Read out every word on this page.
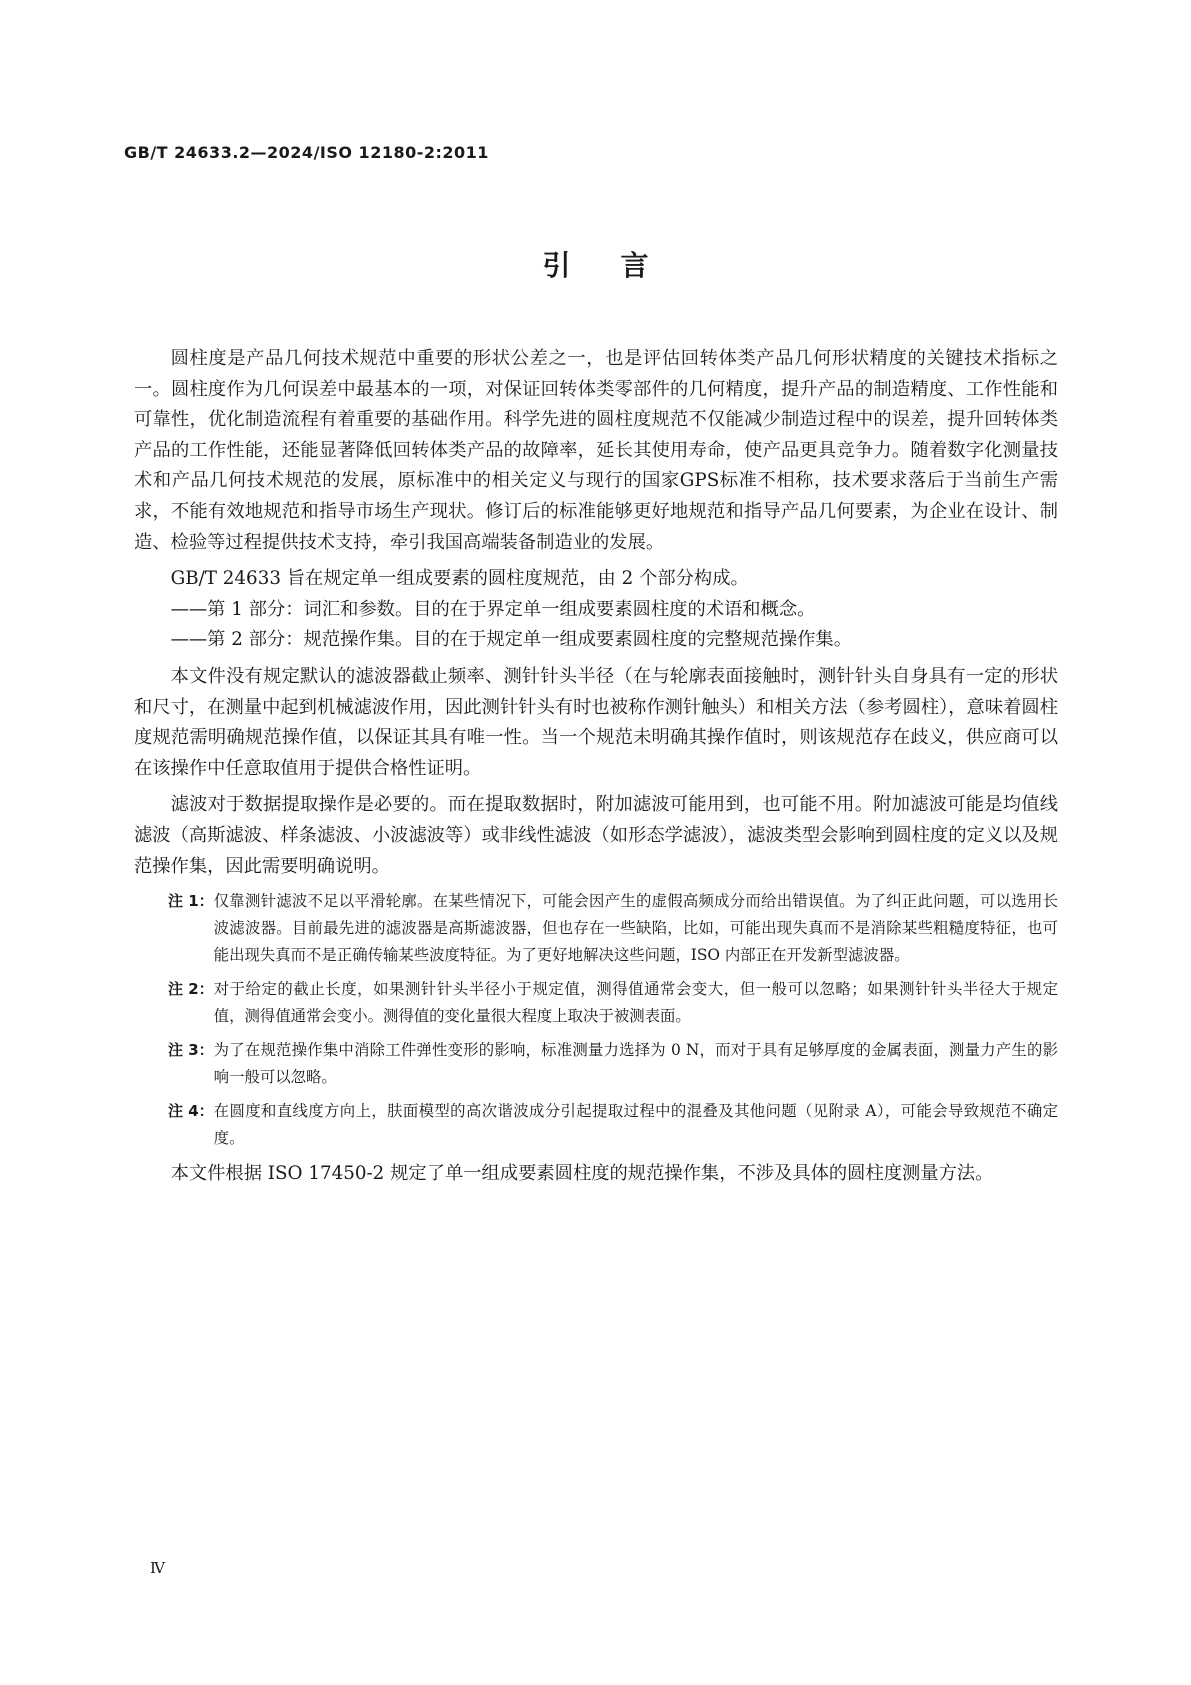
GB/T 24633.2—2024/ISO 12180-2:2011
引言

圆柱度是产品几何技术规范中重要的形状公差之一，也是评估回转体类产品几何形状精度的关键技术指标之一。圆柱度作为几何误差中最基本的一项，对保证回转体类零部件的几何精度，提升产品的制造精度、工作性能和可靠性，优化制造流程有着重要的基础作用。科学先进的圆柱度规范不仅能减少制造过程中的误差，提升回转体类产品的工作性能，还能显著降低回转体类产品的故障率，延长其使用寿命，使产品更具竞争力。随着数字化测量技术和产品几何技术规范的发展，原标准中的相关定义与现行的国家GPS标准不相称，技术要求落后于当前生产需求，不能有效地规范和指导市场生产现状。修订后的标准能够更好地规范和指导产品几何要素，为企业在设计、制造、检验等过程提供技术支持，牵引我国高端装备制造业的发展。

GB/T 24633 旨在规定单一组成要素的圆柱度规范，由 2 个部分构成。

——第 1 部分：词汇和参数。目的在于界定单一组成要素圆柱度的术语和概念。

——第 2 部分：规范操作集。目的在于规定单一组成要素圆柱度的完整规范操作集。

本文件没有规定默认的滤波器截止频率、测针针头半径（在与轮廓表面接触时，测针针头自身具有一定的形状和尺寸，在测量中起到机械滤波作用，因此测针针头有时也被称作测针触头）和相关方法（参考圆柱），意味着圆柱度规范需明确规范操作值，以保证其具有唯一性。当一个规范未明确其操作值时，则该规范存在歧义，供应商可以在该操作中任意取值用于提供合格性证明。

滤波对于数据提取操作是必要的。而在提取数据时，附加滤波可能用到，也可能不用。附加滤波可能是均值线滤波（高斯滤波、样条滤波、小波滤波等）或非线性滤波（如形态学滤波），滤波类型会影响到圆柱度的定义以及规范操作集，因此需要明确说明。

注 1： 仅靠测针滤波不足以平滑轮廓。在某些情况下，可能会因产生的虚假高频成分而给出错误值。为了纠正此问题，可以选用长波滤波器。目前最先进的滤波器是高斯滤波器，但也存在一些缺陷，比如，可能出现失真而不是消除某些粗糙度特征，也可能出现失真而不是正确传输某些波度特征。为了更好地解决这些问题，ISO 内部正在开发新型滤波器。
注 2： 对于给定的截止长度，如果测针针头半径小于规定值，测得值通常会变大，但一般可以忽略；如果测针针头半径大于规定值，测得值通常会变小。测得值的变化量很大程度上取决于被测表面。
注 3： 为了在规范操作集中消除工件弹性变形的影响，标准测量力选择为 0 N，而对于具有足够厚度的金属表面，测量力产生的影响一般可以忽略。
注 4： 在圆度和直线度方向上，肤面模型的高次谐波成分引起提取过程中的混叠及其他问题（见附录 A），可能会导致规范不确定度。

本文件根据 ISO 17450-2 规定了单一组成要素圆柱度的规范操作集，不涉及具体的圆柱度测量方法。

Ⅳ
